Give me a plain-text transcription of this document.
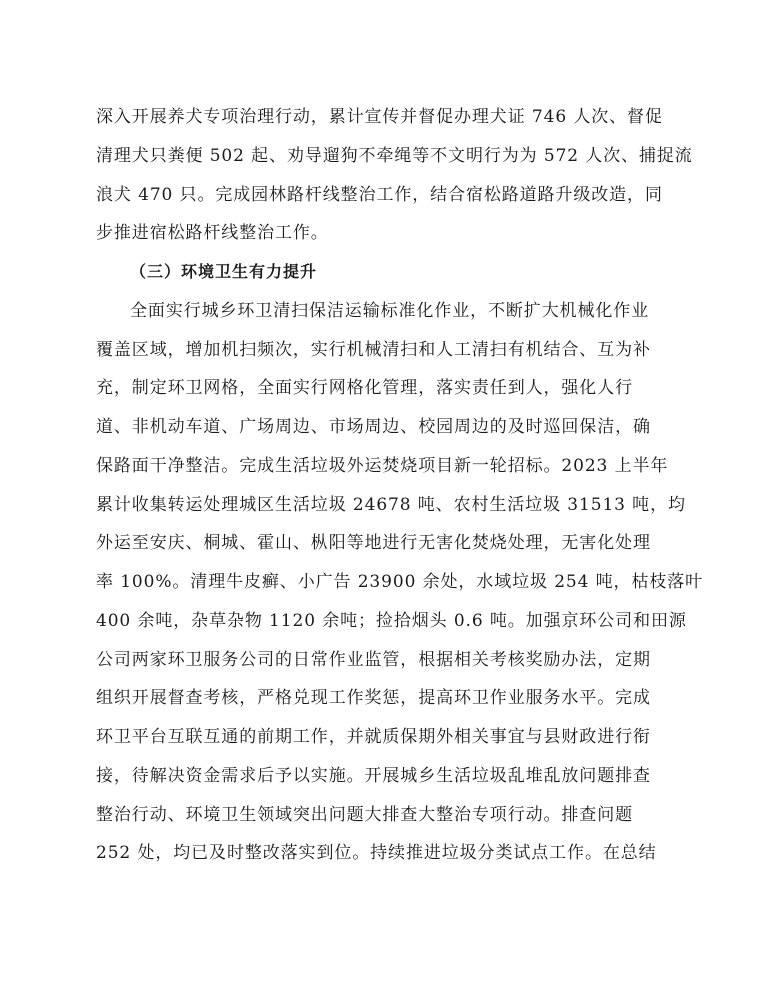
深入开展养犬专项治理行动，累计宣传并督促办理犬证 746 人次、督促
清理犬只粪便 502 起、劝导遛狗不牵绳等不文明行为为 572 人次、捕捉流
浪犬 470 只。完成园林路杆线整治工作，结合宿松路道路升级改造，同
步推进宿松路杆线整治工作。
（三）环境卫生有力提升
全面实行城乡环卫清扫保洁运输标准化作业，不断扩大机械化作业
覆盖区域，增加机扫频次，实行机械清扫和人工清扫有机结合、互为补
充，制定环卫网格，全面实行网格化管理，落实责任到人，强化人行
道、非机动车道、广场周边、市场周边、校园周边的及时巡回保洁，确
保路面干净整洁。完成生活垃圾外运焚烧项目新一轮招标。2023 上半年
累计收集转运处理城区生活垃圾 24678 吨、农村生活垃圾 31513 吨，均
外运至安庆、桐城、霍山、枞阳等地进行无害化焚烧处理，无害化处理
率 100%。清理牛皮癣、小广告 23900 余处，水域垃圾 254 吨，枯枝落叶
400 余吨，杂草杂物 1120 余吨；捡拾烟头 0.6 吨。加强京环公司和田源
公司两家环卫服务公司的日常作业监管，根据相关考核奖励办法，定期
组织开展督查考核，严格兑现工作奖惩，提高环卫作业服务水平。完成
环卫平台互联互通的前期工作，并就质保期外相关事宜与县财政进行衔
接，待解决资金需求后予以实施。开展城乡生活垃圾乱堆乱放问题排查
整治行动、环境卫生领域突出问题大排查大整治专项行动。排查问题
252 处，均已及时整改落实到位。持续推进垃圾分类试点工作。在总结
